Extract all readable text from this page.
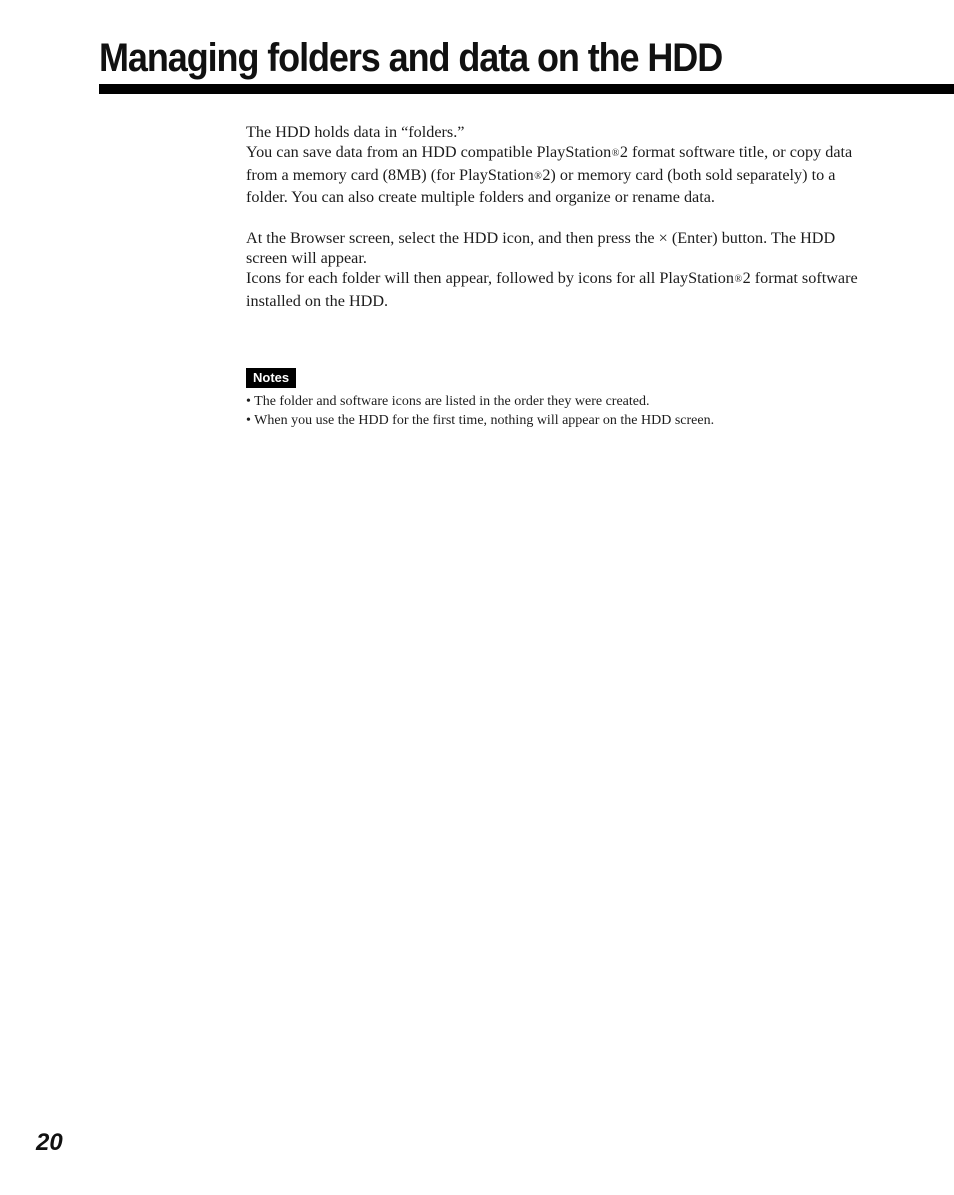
Managing folders and data on the HDD

The HDD holds data in “folders.”

You can save data from an HDD compatible PlayStation®2 format software title, or copy data from a memory card (8MB) (for PlayStation®2) or memory card (both sold separately) to a folder. You can also create multiple folders and organize or rename data.

At the Browser screen, select the HDD icon, and then press the × (Enter) button. The HDD screen will appear.

Icons for each folder will then appear, followed by icons for all PlayStation®2 format software installed on the HDD.

Notes
• The folder and software icons are listed in the order they were created.
• When you use the HDD for the first time, nothing will appear on the HDD screen.
20
